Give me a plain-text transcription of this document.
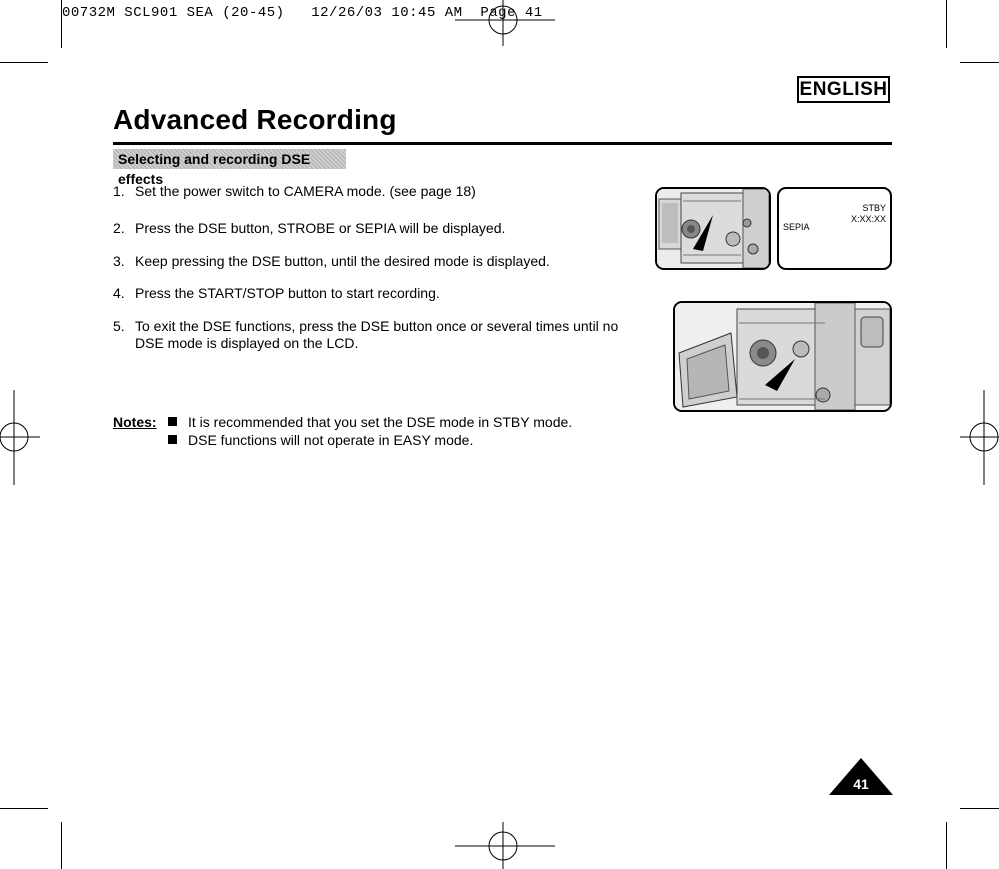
00732M SCL901 SEA (20-45)   12/26/03 10:45 AM  Page 41
ENGLISH
Advanced Recording
Selecting and recording DSE effects
1. Set the power switch to CAMERA mode. (see page 18)
2. Press the DSE button, STROBE or SEPIA will be displayed.
3. Keep pressing the DSE button, until the desired mode is displayed.
4. Press the START/STOP button to start recording.
5. To exit the DSE functions, press the DSE button once or several times until no DSE mode is displayed on the LCD.
Notes: It is recommended that you set the DSE mode in STBY mode.
DSE functions will not operate in EASY mode.
STBY
X:XX:XX
SEPIA
41
